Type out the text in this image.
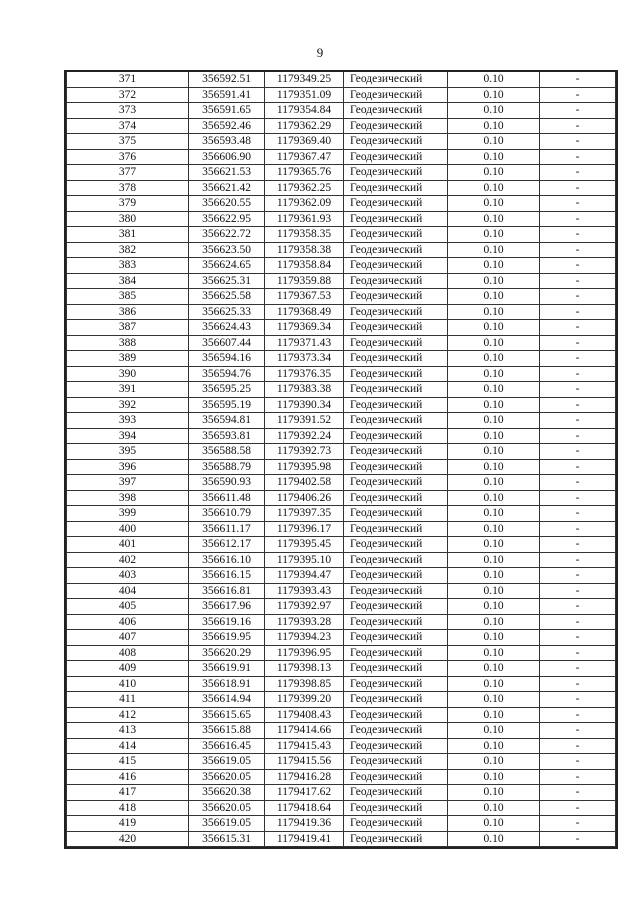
9
371	356592.51	1179349.25	Геодезический	0.10	-
372	356591.41	1179351.09	Геодезический	0.10	-
373	356591.65	1179354.84	Геодезический	0.10	-
374	356592.46	1179362.29	Геодезический	0.10	-
375	356593.48	1179369.40	Геодезический	0.10	-
376	356606.90	1179367.47	Геодезический	0.10	-
377	356621.53	1179365.76	Геодезический	0.10	-
378	356621.42	1179362.25	Геодезический	0.10	-
379	356620.55	1179362.09	Геодезический	0.10	-
380	356622.95	1179361.93	Геодезический	0.10	-
381	356622.72	1179358.35	Геодезический	0.10	-
382	356623.50	1179358.38	Геодезический	0.10	-
383	356624.65	1179358.84	Геодезический	0.10	-
384	356625.31	1179359.88	Геодезический	0.10	-
385	356625.58	1179367.53	Геодезический	0.10	-
386	356625.33	1179368.49	Геодезический	0.10	-
387	356624.43	1179369.34	Геодезический	0.10	-
388	356607.44	1179371.43	Геодезический	0.10	-
389	356594.16	1179373.34	Геодезический	0.10	-
390	356594.76	1179376.35	Геодезический	0.10	-
391	356595.25	1179383.38	Геодезический	0.10	-
392	356595.19	1179390.34	Геодезический	0.10	-
393	356594.81	1179391.52	Геодезический	0.10	-
394	356593.81	1179392.24	Геодезический	0.10	-
395	356588.58	1179392.73	Геодезический	0.10	-
396	356588.79	1179395.98	Геодезический	0.10	-
397	356590.93	1179402.58	Геодезический	0.10	-
398	356611.48	1179406.26	Геодезический	0.10	-
399	356610.79	1179397.35	Геодезический	0.10	-
400	356611.17	1179396.17	Геодезический	0.10	-
401	356612.17	1179395.45	Геодезический	0.10	-
402	356616.10	1179395.10	Геодезический	0.10	-
403	356616.15	1179394.47	Геодезический	0.10	-
404	356616.81	1179393.43	Геодезический	0.10	-
405	356617.96	1179392.97	Геодезический	0.10	-
406	356619.16	1179393.28	Геодезический	0.10	-
407	356619.95	1179394.23	Геодезический	0.10	-
408	356620.29	1179396.95	Геодезический	0.10	-
409	356619.91	1179398.13	Геодезический	0.10	-
410	356618.91	1179398.85	Геодезический	0.10	-
411	356614.94	1179399.20	Геодезический	0.10	-
412	356615.65	1179408.43	Геодезический	0.10	-
413	356615.88	1179414.66	Геодезический	0.10	-
414	356616.45	1179415.43	Геодезический	0.10	-
415	356619.05	1179415.56	Геодезический	0.10	-
416	356620.05	1179416.28	Геодезический	0.10	-
417	356620.38	1179417.62	Геодезический	0.10	-
418	356620.05	1179418.64	Геодезический	0.10	-
419	356619.05	1179419.36	Геодезический	0.10	-
420	356615.31	1179419.41	Геодезический	0.10	-
